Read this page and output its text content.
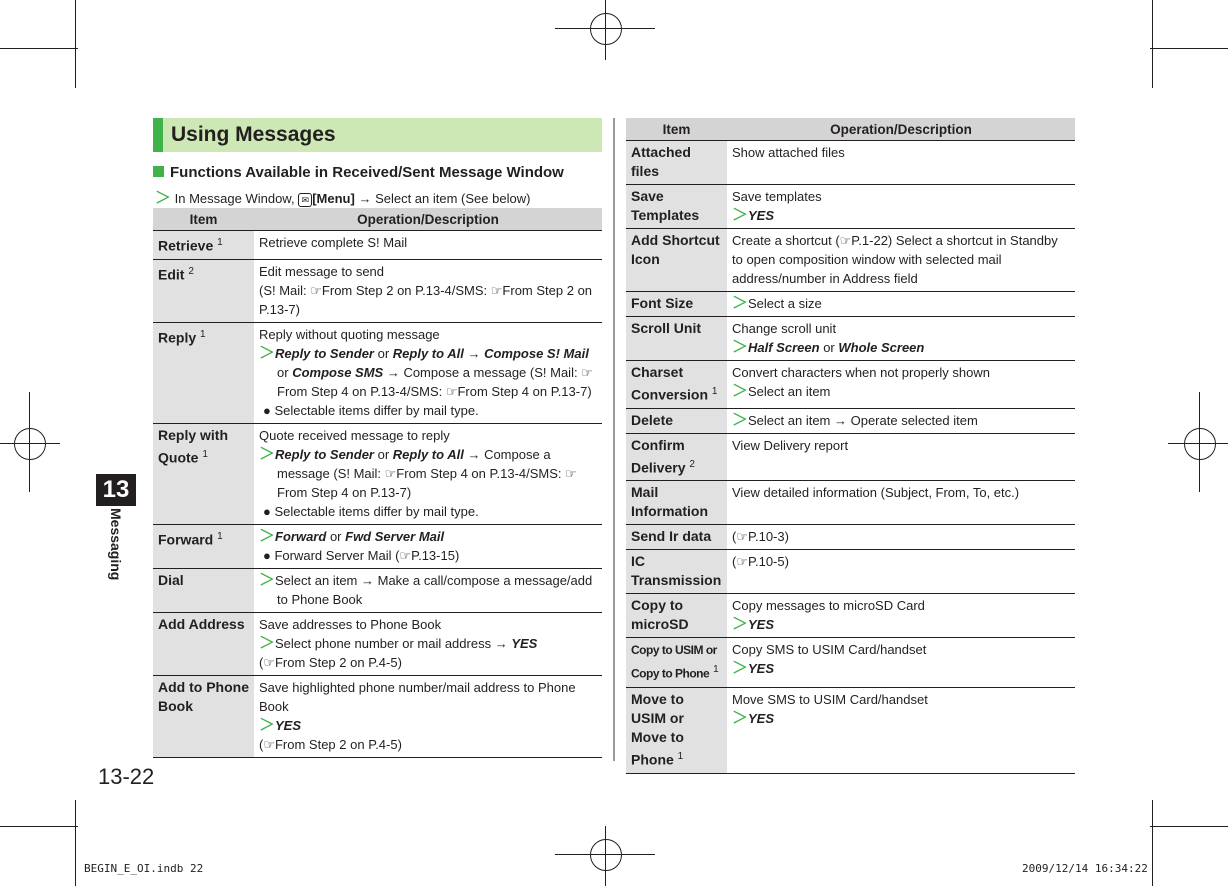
Using Messages
Functions Available in Received/Sent Message Window
＞ In Message Window, ✉ [Menu] → Select an item (See below)
Item	Operation/Description
Retrieve $^1$	Retrieve complete S! Mail
Edit $^2$	Edit message to send
(S! Mail: ☞From Step 2 on P.13-4/SMS: ☞From Step 2 on P.13-7)

Reply $^1$	Reply without quoting message
＞Reply to Sender or Reply to All → Compose S! Mail or Compose SMS → Compose a message (S! Mail: ☞From Step 4 on P.13-4/SMS: ☞From Step 4 on P.13-7)
● Selectable items differ by mail type.

Reply with Quote $^1$	Quote received message to reply
＞Reply to Sender or Reply to All → Compose a message (S! Mail: ☞From Step 4 on P.13-4/SMS: ☞From Step 4 on P.13-7)
● Selectable items differ by mail type.

Forward $^1$	＞Forward or Fwd Server Mail
● Forward Server Mail (☞P.13-15)

Dial	＞Select an item → Make a call/compose a message/add to Phone Book

Add Address	Save addresses to Phone Book
＞Select phone number or mail address → YES
(☞From Step 2 on P.4-5)

Add to Phone Book	Save highlighted phone number/mail address to Phone Book
＞YES
(☞From Step 2 on P.4-5)
Item	Operation/Description
Attached files	Show attached files
Save Templates	Save templates
＞YES

Add Shortcut Icon	Create a shortcut (☞P.1-22) Select a shortcut in Standby to open composition window with selected mail address/number in Address field
Font Size	＞Select a size

Scroll Unit	Change scroll unit
＞Half Screen or Whole Screen

Charset Conversion $^1$	Convert characters when not properly shown
＞Select an item

Delete	＞Select an item → Operate selected item

Confirm Delivery $^2$	View Delivery report
Mail Information	View detailed information (Subject, From, To, etc.)
Send Ir data	(☞P.10-3)
IC Transmission	(☞P.10-5)
Copy to microSD	Copy messages to microSD Card
＞YES

Copy to USIM or Copy to Phone $^1$	Copy SMS to USIM Card/handset
＞YES

Move to USIM or Move to Phone $^1$	Move SMS to USIM Card/handset
＞YES
13
Messaging
13-22
BEGIN_E_OI.indb 22	2009/12/14 16:34:22
